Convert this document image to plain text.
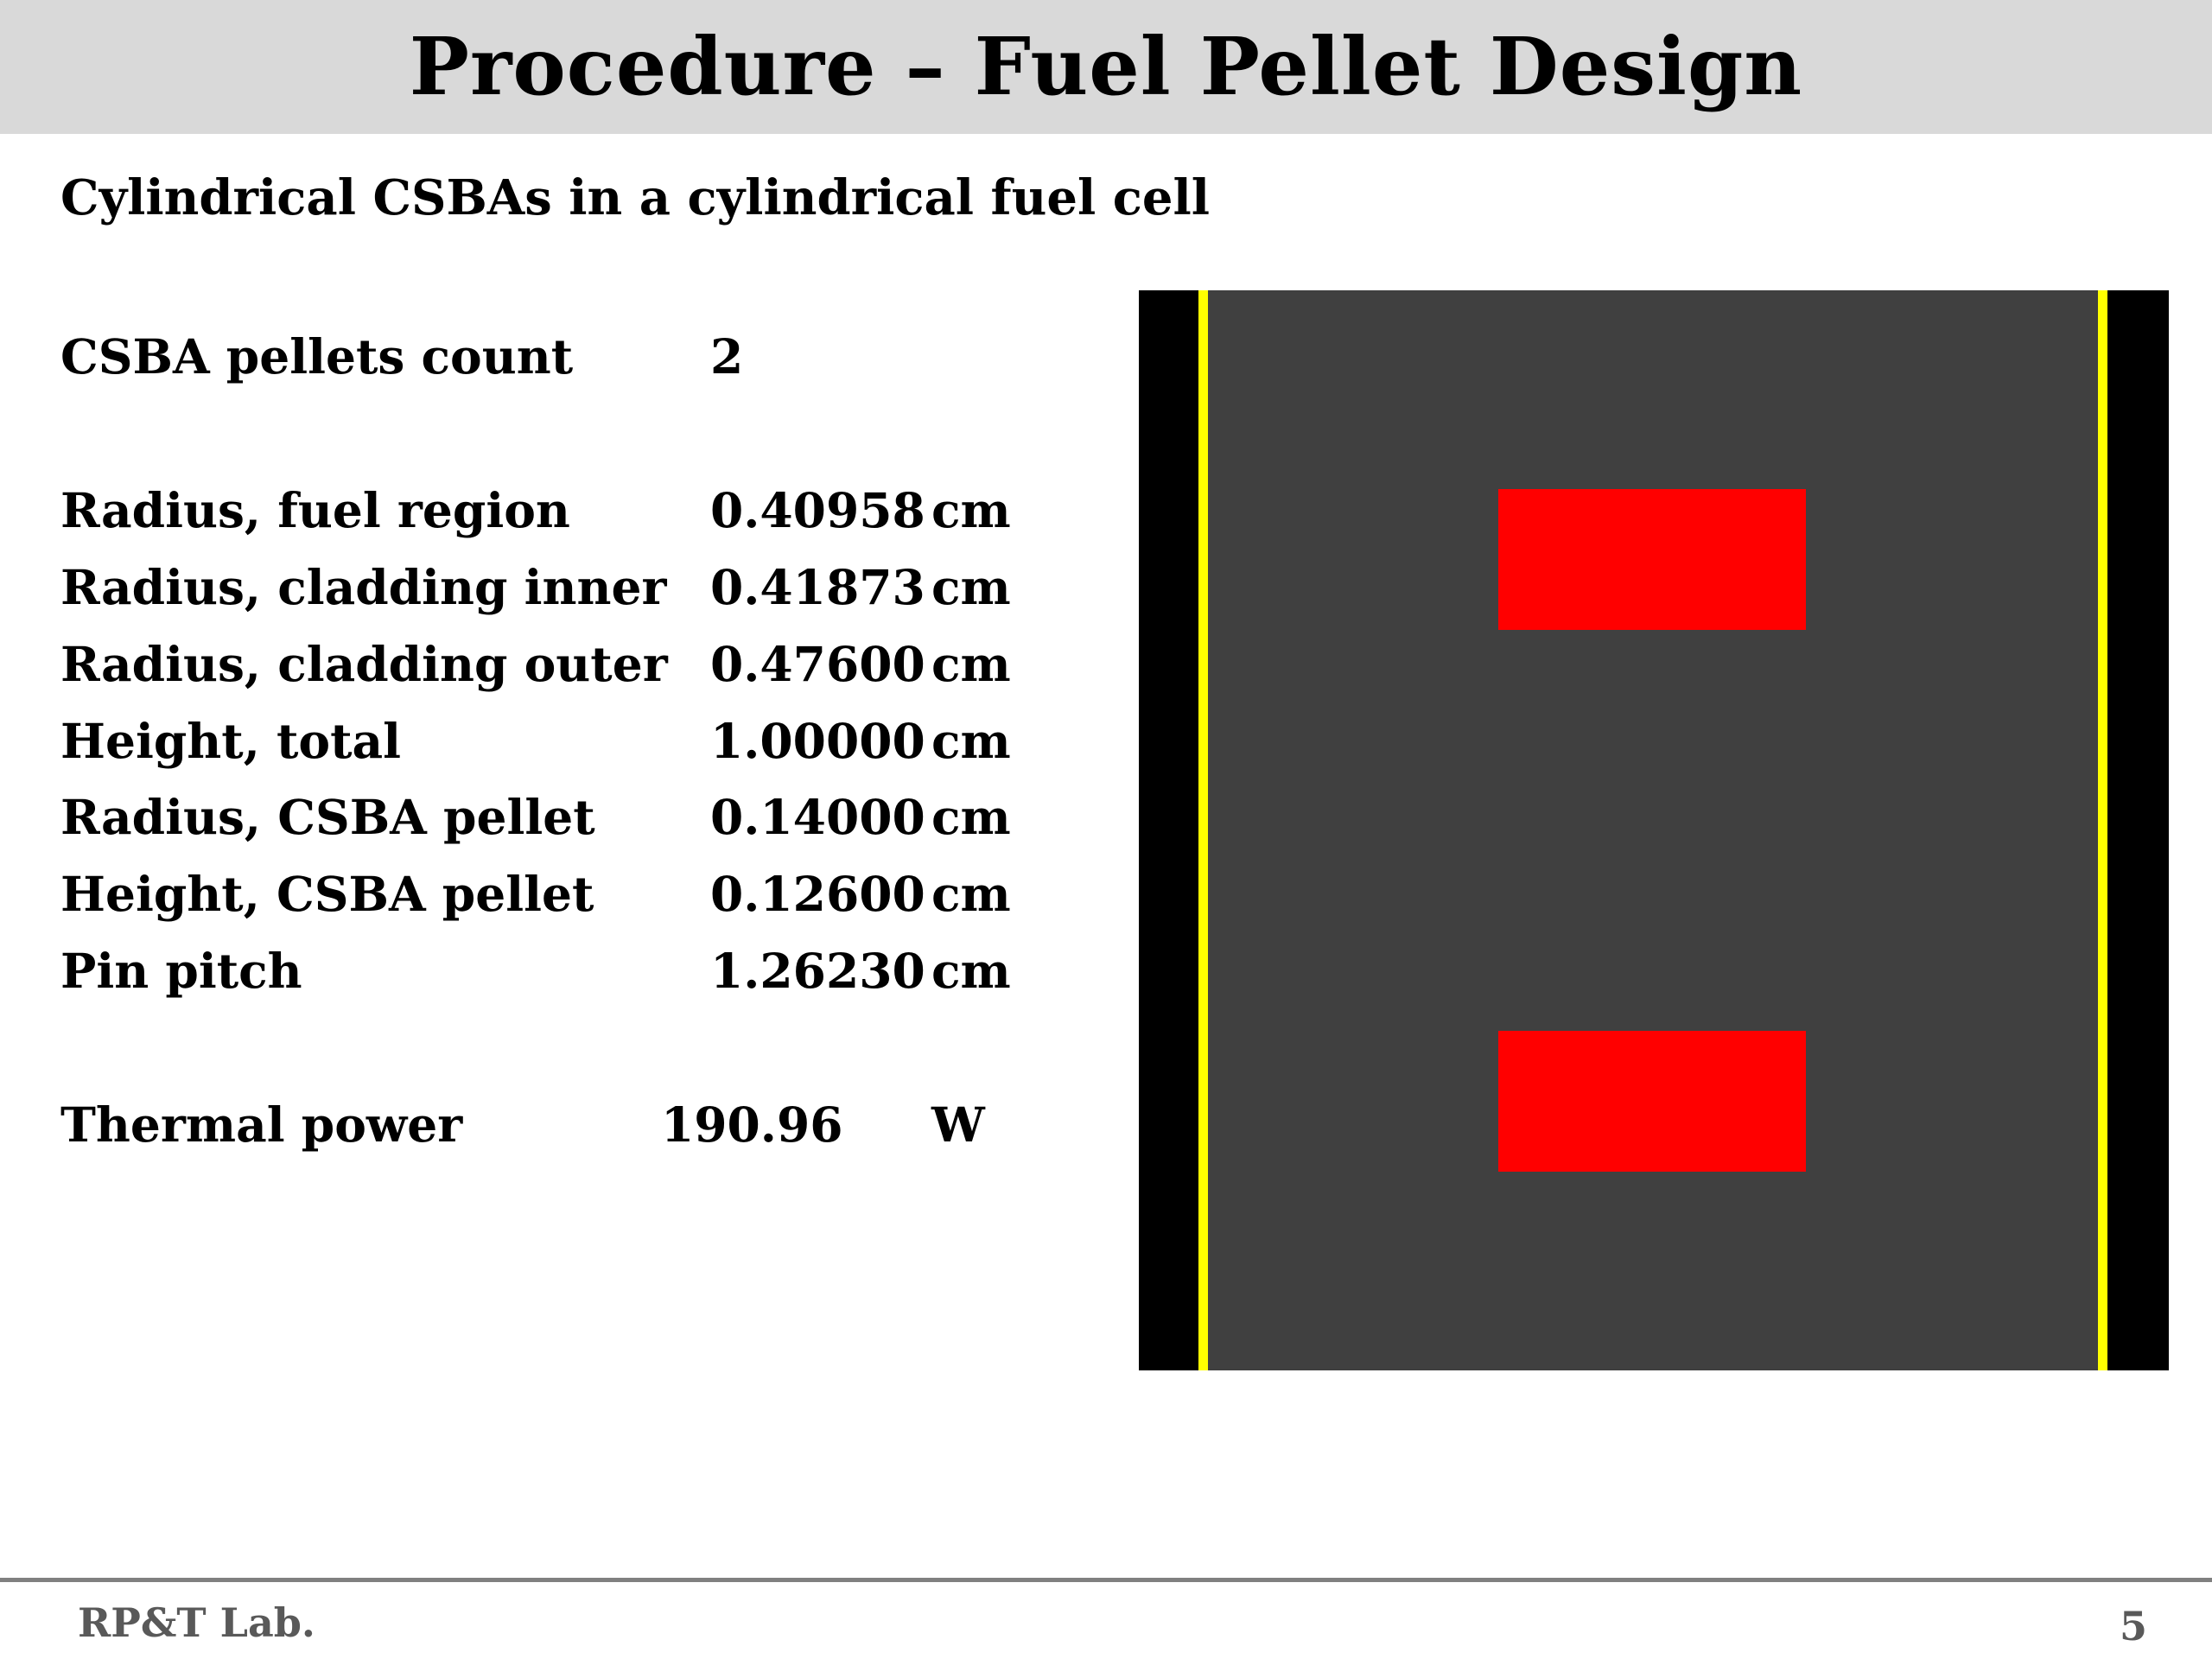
Procedure – Fuel Pellet Design
Cylindrical CSBAs in a cylindrical fuel cell
CSBA pellets count	2
Radius, fuel region	0.40958 cm
Radius, cladding inner 0.41873 cm
Radius, cladding outer 0.47600 cm
Height, total	1.00000 cm
Radius, CSBA pellet 0.14000 cm
Height, CSBA pellet 0.12600 cm
Pin pitch	1.26230 cm
Thermal power	190.96 W
RP&T Lab.	5
